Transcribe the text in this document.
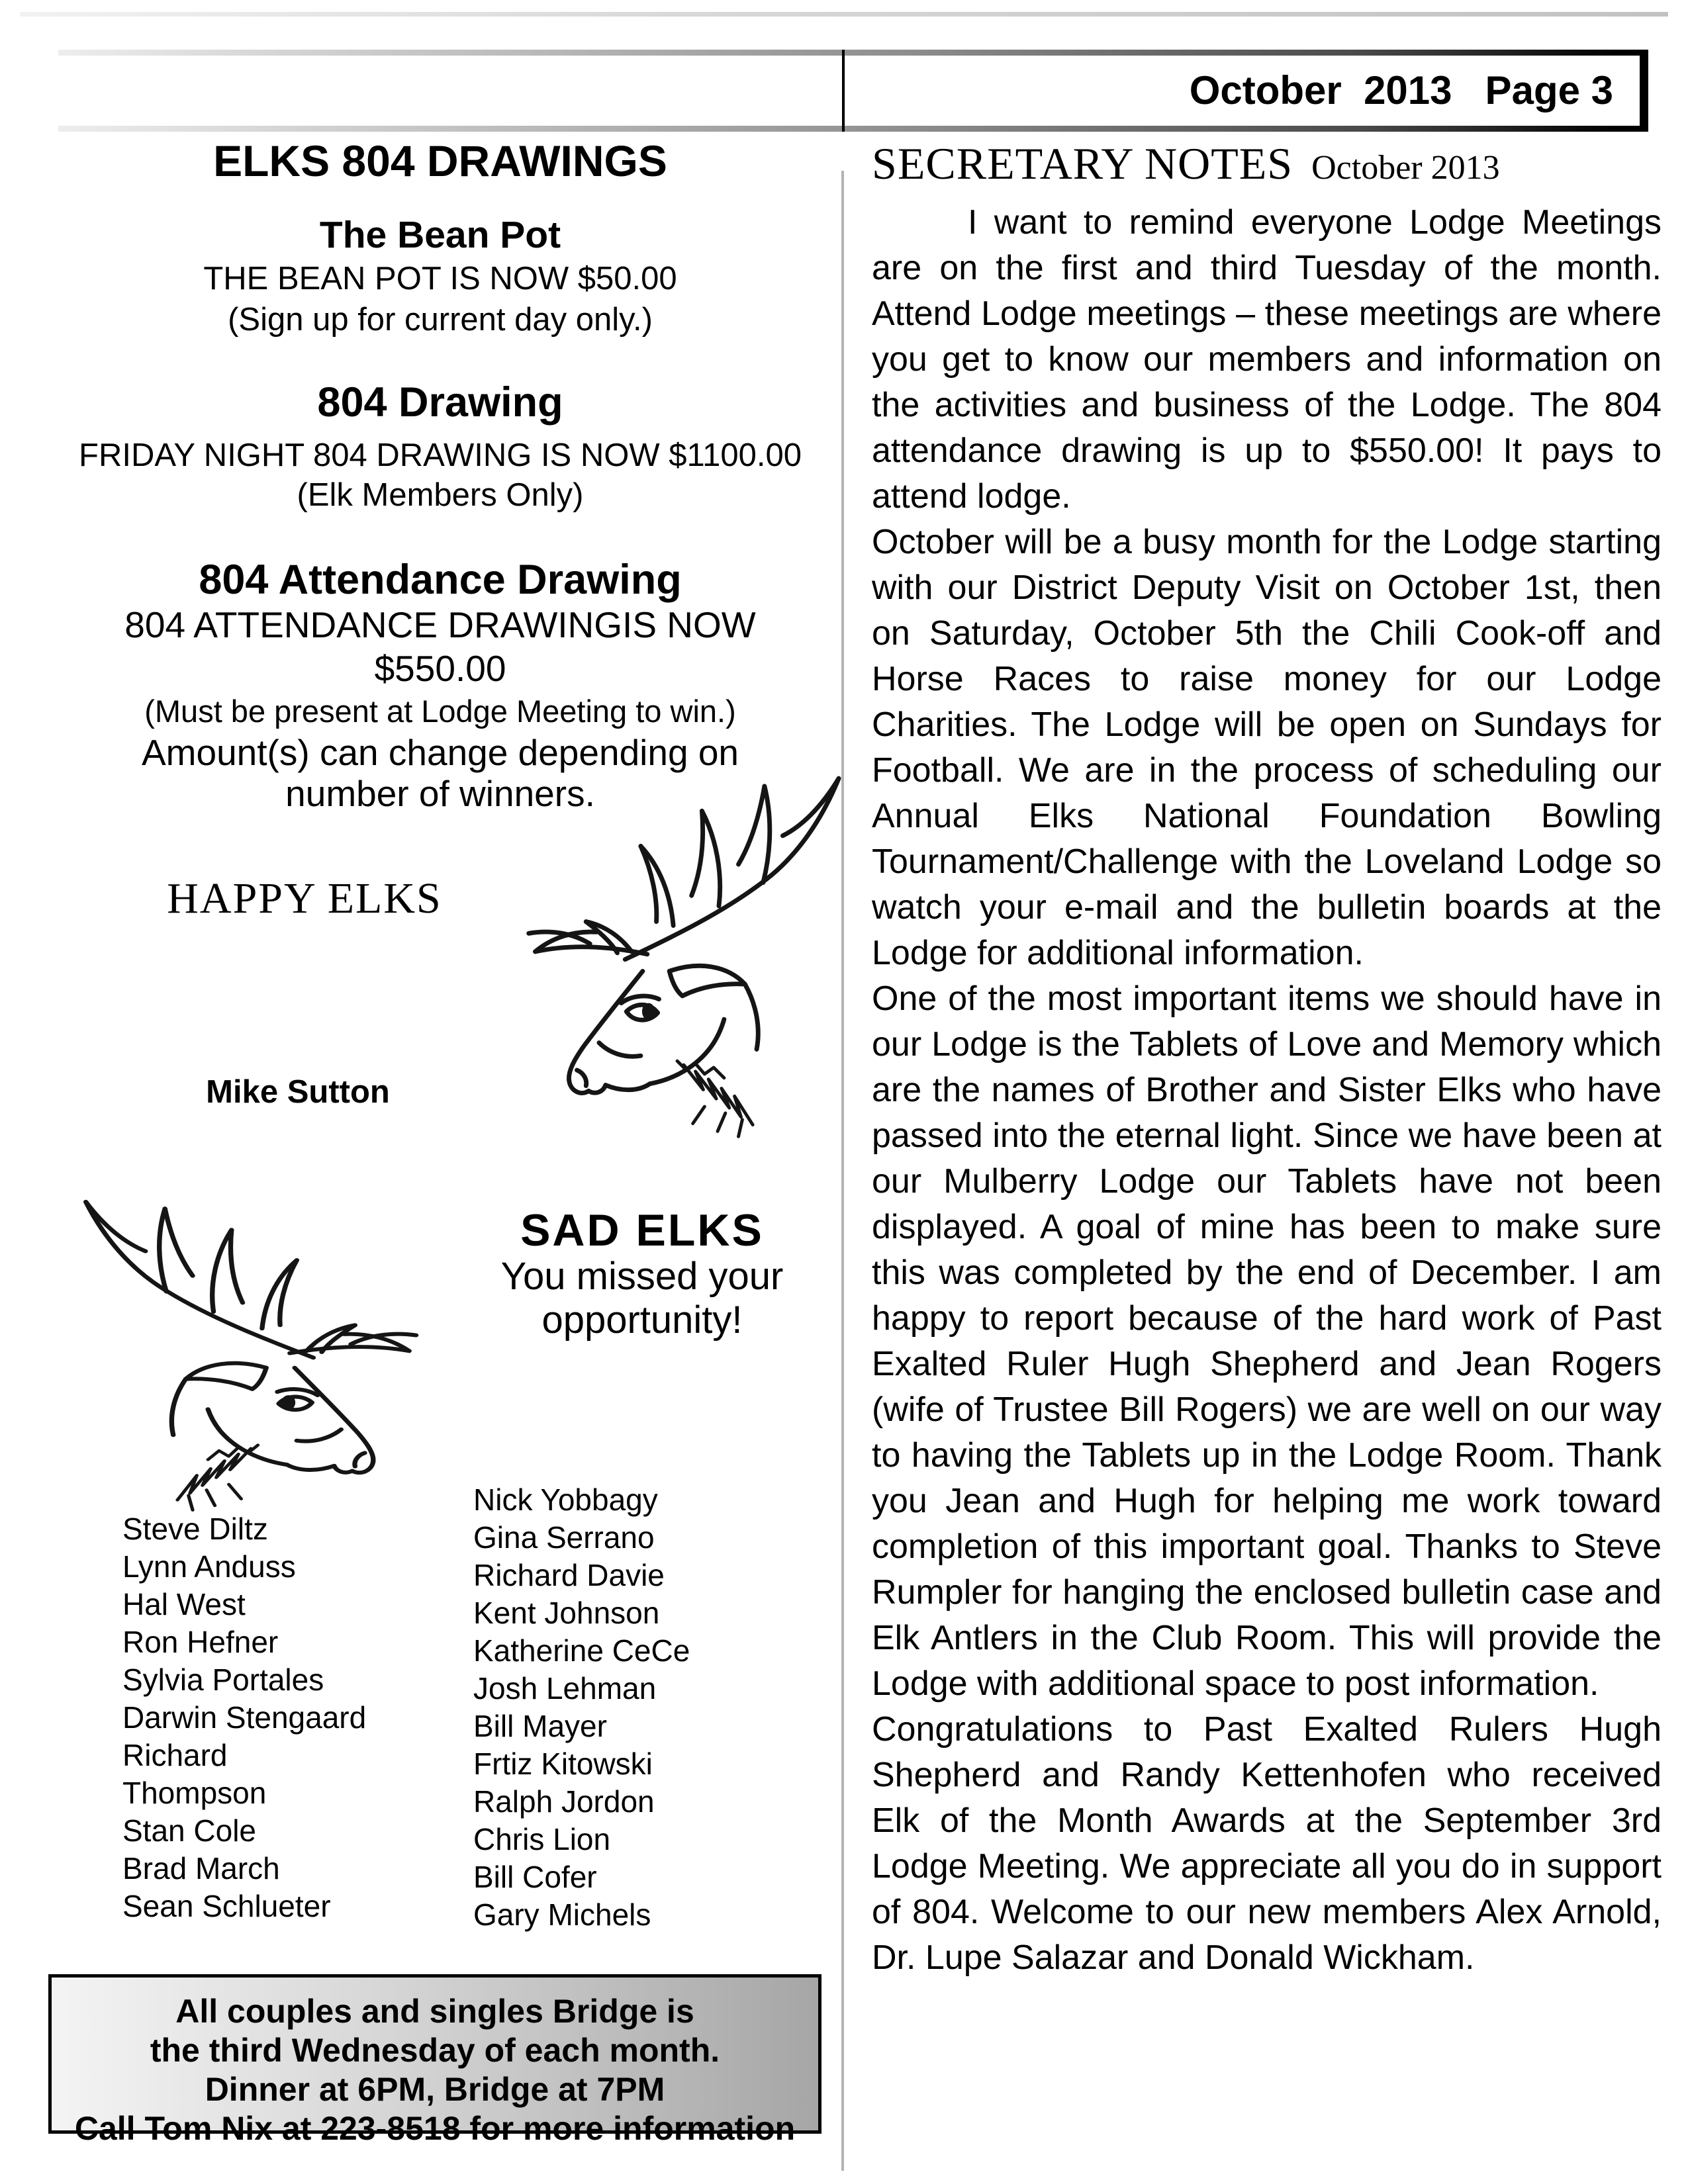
October  2013   Page 3
ELKS 804 DRAWINGS
The Bean Pot
THE BEAN POT IS NOW $50.00
(Sign up for current day only.)
804 Drawing
FRIDAY NIGHT 804 DRAWING IS NOW $1100.00
(Elk Members Only)
804 Attendance Drawing
804 ATTENDANCE DRAWINGIS NOW
$550.00
(Must be present at Lodge Meeting to win.)
Amount(s) can change depending on
number of winners.
HAPPY ELKS
Mike Sutton
SAD ELKS
You missed your
opportunity!
Steve Diltz
Lynn Anduss
Hal West
Ron Hefner
Sylvia Portales
Darwin Stengaard
Richard
Thompson
Stan Cole
Brad March
Sean Schlueter
Nick Yobbagy
Gina Serrano
Richard Davie
Kent Johnson
Katherine CeCe
Josh Lehman
Bill Mayer
Frtiz Kitowski
Ralph Jordon
Chris Lion
Bill Cofer
Gary Michels
All couples and singles Bridge is
the third Wednesday of each month.
Dinner at 6PM, Bridge at 7PM
Call Tom Nix at 223-8518 for more information
SECRETARY NOTES October 2013

I want to remind everyone Lodge Meetings are on the first and third Tuesday of the month. Attend Lodge meetings – these meetings are where you get to know our members and information on the activities and business of the Lodge. The 804 attendance drawing is up to $550.00! It pays to attend lodge.

October will be a busy month for the Lodge starting with our District Deputy Visit on October 1st, then on Saturday, October 5th the Chili Cook-off and Horse Races to raise money for our Lodge Charities. The Lodge will be open on Sundays for Football. We are in the process of scheduling our Annual Elks National Foundation Bowling Tournament/Challenge with the Loveland Lodge so watch your e-mail and the bulletin boards at the Lodge for additional information.

One of the most important items we should have in our Lodge is the Tablets of Love and Memory which are the names of Brother and Sister Elks who have passed into the eternal light. Since we have been at our Mulberry Lodge our Tablets have not been displayed. A goal of mine has been to make sure this was completed by the end of December. I am happy to report because of the hard work of Past Exalted Ruler Hugh Shepherd and Jean Rogers (wife of Trustee Bill Rogers) we are well on our way to having the Tablets up in the Lodge Room. Thank you Jean and Hugh for helping me work toward completion of this important goal. Thanks to Steve Rumpler for hanging the enclosed bulletin case and Elk Antlers in the Club Room. This will provide the Lodge with additional space to post information.

Congratulations to Past Exalted Rulers Hugh Shepherd and Randy Kettenhofen who received Elk of the Month Awards at the September 3rd Lodge Meeting. We appreciate all you do in support of 804. Welcome to our new members Alex Arnold, Dr. Lupe Salazar and Donald Wickham.
